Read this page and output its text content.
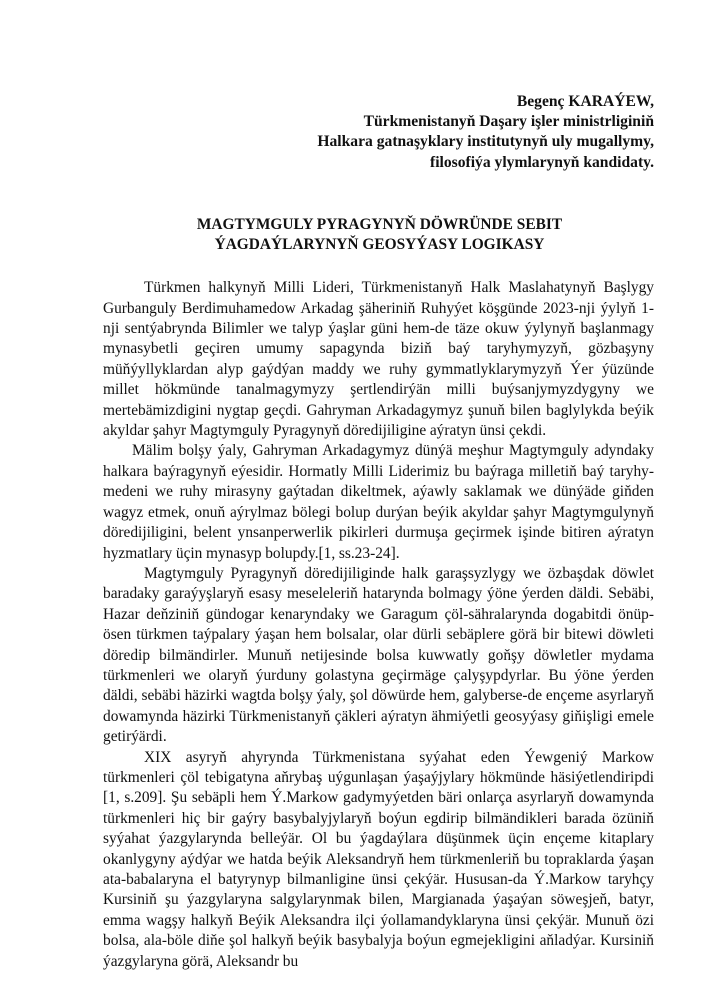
Begenç KARAÝEW,
Türkmenistanyň Daşary işler ministrliginiň
Halkara gatnaşyklary institutynyň uly mugallymy,
filosofiýa ylymlarynyň kandidaty.
MAGTYMGULY PYRAGYNYŇ DÖWRÜNDE SEBIT
ÝAGDAÝLARYNYŇ GEOSYÝASY LOGIKASY

Türkmen halkynyň Milli Lideri, Türkmenistanyň Halk Maslahatynyň Başlygy Gurbanguly Berdimuhamedow Arkadag şäheriniň Ruhyýet köşgünde 2023-nji ýylyň 1-nji sentýabrynda Bilimler we talyp ýaşlar güni hem-de täze okuw ýylynyň başlanmagy mynasybetli geçiren umumy sapagynda biziň baý taryhymyzyň, gözbaşyny müňýyllyklardan alyp gaýdýan maddy we ruhy gymmatlyklarymyzyň Ýer ýüzünde millet hökmünde tanalmagymyzy şertlendirýän milli buýsanjymyzdygyny we mertebämizdigini nygtap geçdi. Gahryman Arkadagymyz şunuň bilen baglylykda beýik akyldar şahyr Magtymguly Pyragynyň döredijiligine aýratyn ünsi çekdi.

Mälim bolşy ýaly, Gahryman Arkadagymyz dünýä meşhur Magtymguly adyndaky halkara baýragynyň eýesidir. Hormatly Milli Liderimiz bu baýraga milletiň baý taryhy-medeni we ruhy mirasyny gaýtadan dikeltmek, aýawly saklamak we dünýäde giňden wagyz etmek, onuň aýrylmaz bölegi bolup durýan beýik akyldar şahyr Magtymgulynyň döredijiligini, belent ynsanperwerlik pikirleri durmuşa geçirmek işinde bitiren aýratyn hyzmatlary üçin mynasyp bolupdy.[1, ss.23-24].

Magtymguly Pyragynyň döredijiliginde halk garaşsyzlygy we özbaşdak döwlet baradaky garaýyşlaryň esasy meseleleriň hatarynda bolmagy ýöne ýerden däldi. Sebäbi, Hazar deňziniň gündogar kenaryndaky we Garagum çöl-sähralarynda dogabitdi önüp-ösen türkmen taýpalary ýaşan hem bolsalar, olar dürli sebäplere görä bir bitewi döwleti döredip bilmändirler. Munuň netijesinde bolsa kuwwatly goňşy döwletler mydama türkmenleri we olaryň ýurduny golastyna geçirmäge çalyşypdyrlar. Bu ýöne ýerden däldi, sebäbi häzirki wagtda bolşy ýaly, şol döwürde hem, galyberse-de ençeme asyrlaryň dowamynda häzirki Türkmenistanyň çäkleri aýratyn ähmiýetli geosyýasy giňişligi emele getirýärdi.

XIX asyryň ahyrynda Türkmenistana syýahat eden Ýewgeniý Markow türkmenleri çöl tebigatyna aňrybaş uýgunlaşan ýaşaýjylary hökmünde häsiýetlendiripdi [1, s.209]. Şu sebäpli hem Ý.Markow gadymyýetden bäri onlarça asyrlaryň dowamynda türkmenleri hiç bir gaýry basybalyjylaryň boýun egdirip bilmändikleri barada özüniň syýahat ýazgylarynda belleýär. Ol bu ýagdaýlara düşünmek üçin ençeme kitaplary okanlygyny aýdýar we hatda beýik Aleksandryň hem türkmenleriň bu topraklarda ýaşan ata-babalaryna el batyrynyp bilmanligine ünsi çekýär. Hususan-da Ý.Markow taryhçy Kursiniň şu ýazgylaryna salgylarynmak bilen, Margianada ýaşaýan söweşjeň, batyr, emma wagşy halkyň Beýik Aleksandra ilçi ýollamandyklaryna ünsi çekýär. Munuň özi bolsa, ala-böle diňe şol halkyň beýik basybalyja boýun egmejekligini aňladýar. Kursiniň ýazgylaryna görä, Aleksandr bu
